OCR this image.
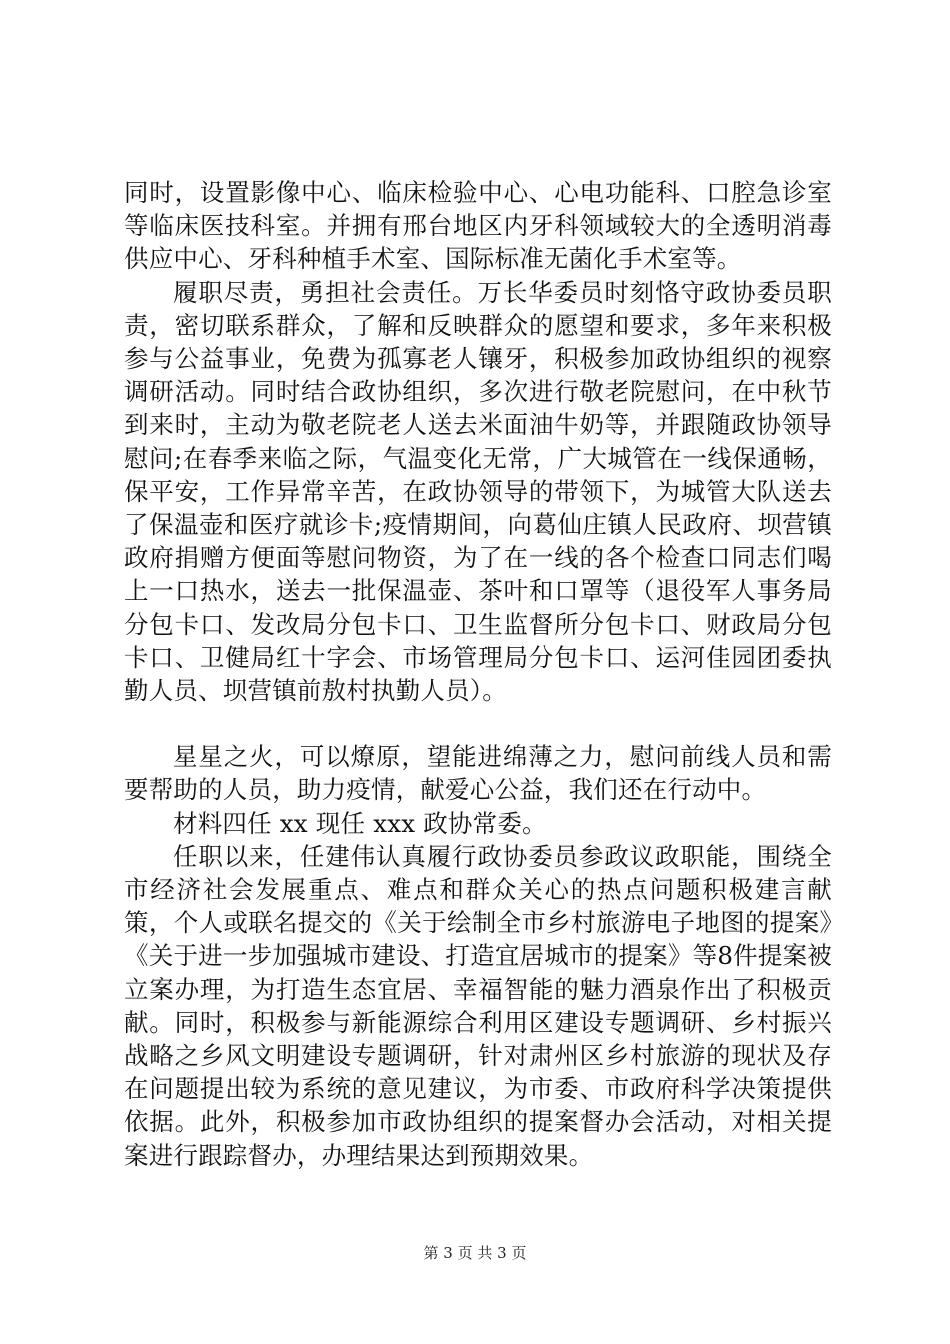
同时，设置影像中心、临床检验中心、心电功能科、口腔急诊室等临床医技科室。并拥有邢台地区内牙科领域较大的全透明消毒供应中心、牙科种植手术室、国际标准无菌化手术室等。

履职尽责，勇担社会责任。万长华委员时刻恪守政协委员职责，密切联系群众，了解和反映群众的愿望和要求，多年来积极参与公益事业，免费为孤寡老人镶牙，积极参加政协组织的视察调研活动。同时结合政协组织，多次进行敬老院慰问，在中秋节到来时，主动为敬老院老人送去米面油牛奶等，并跟随政协领导慰问;在春季来临之际，气温变化无常，广大城管在一线保通畅，保平安，工作异常辛苦，在政协领导的带领下，为城管大队送去了保温壶和医疗就诊卡;疫情期间，向葛仙庄镇人民政府、坝营镇政府捐赠方便面等慰问物资，为了在一线的各个检查口同志们喝上一口热水，送去一批保温壶、茶叶和口罩等（退役军人事务局分包卡口、发改局分包卡口、卫生监督所分包卡口、财政局分包卡口、卫健局红十字会、市场管理局分包卡口、运河佳园团委执勤人员、坝营镇前敖村执勤人员）。

星星之火，可以燎原，望能进绵薄之力，慰问前线人员和需要帮助的人员，助力疫情，献爱心公益，我们还在行动中。

材料四任 xx 现任 xxx 政协常委。

任职以来，任建伟认真履行政协委员参政议政职能，围绕全市经济社会发展重点、难点和群众关心的热点问题积极建言献策，个人或联名提交的《关于绘制全市乡村旅游电子地图的提案》《关于进一步加强城市建设、打造宜居城市的提案》等8件提案被立案办理，为打造生态宜居、幸福智能的魅力酒泉作出了积极贡献。同时，积极参与新能源综合利用区建设专题调研、乡村振兴战略之乡风文明建设专题调研，针对肃州区乡村旅游的现状及存在问题提出较为系统的意见建议，为市委、市政府科学决策提供依据。此外，积极参加市政协组织的提案督办会活动，对相关提案进行跟踪督办，办理结果达到预期效果。

第 3 页 共 3 页
